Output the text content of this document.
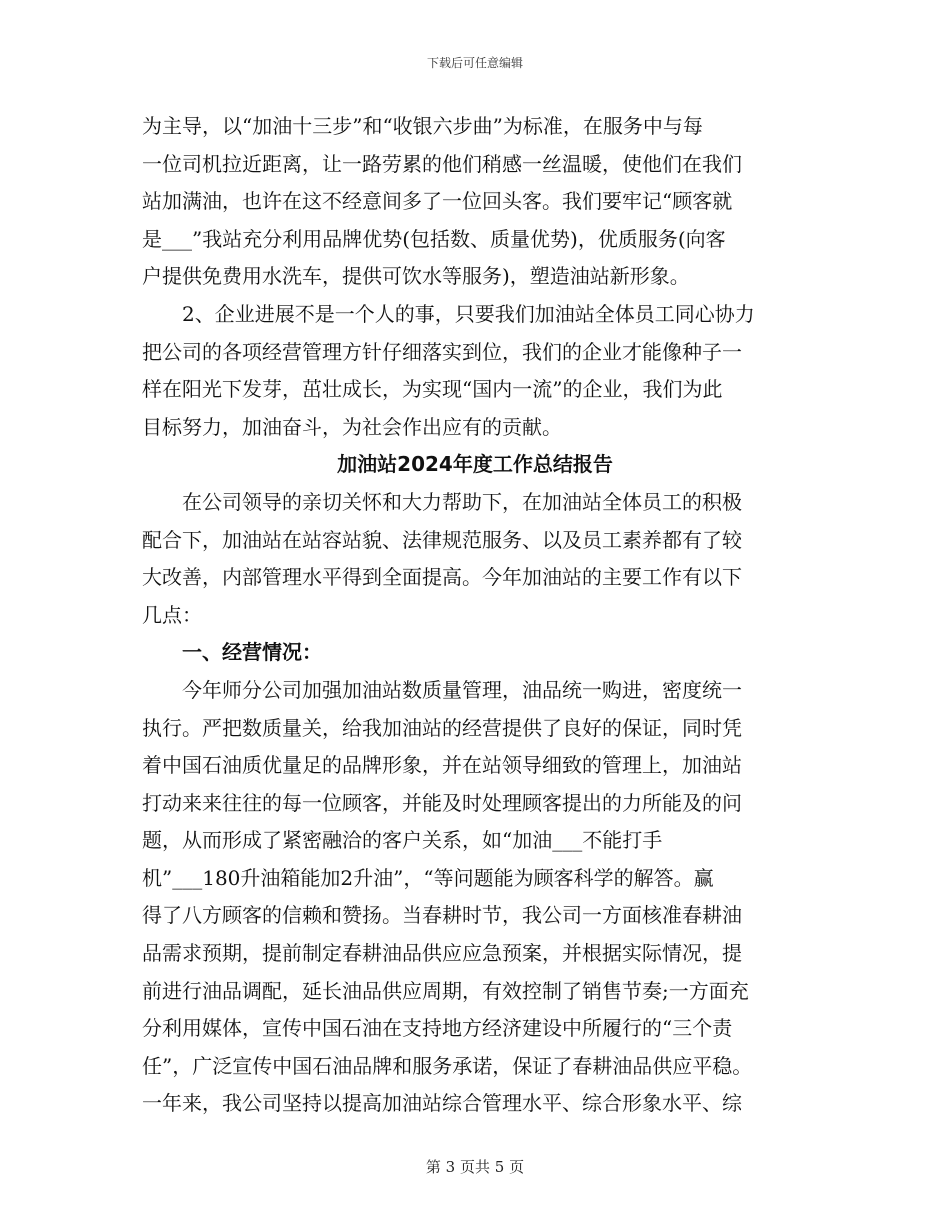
下载后可任意编辑
为主导，以“加油十三步”和“收银六步曲”为标准，在服务中与每
一位司机拉近距离，让一路劳累的他们稍感一丝温暖，使他们在我们
站加满油，也许在这不经意间多了一位回头客。我们要牢记“顾客就
是___”我站充分利用品牌优势(包括数、质量优势)，优质服务(向客
户提供免费用水洗车，提供可饮水等服务)，塑造油站新形象。
2、企业进展不是一个人的事，只要我们加油站全体员工同心协力
把公司的各项经营管理方针仔细落实到位，我们的企业才能像种子一
样在阳光下发芽，茁壮成长，为实现“国内一流”的企业，我们为此
目标努力，加油奋斗，为社会作出应有的贡献。
加油站2024年度工作总结报告
在公司领导的亲切关怀和大力帮助下，在加油站全体员工的积极
配合下，加油站在站容站貌、法律规范服务、以及员工素养都有了较
大改善，内部管理水平得到全面提高。今年加油站的主要工作有以下
几点：
一、经营情况：
今年师分公司加强加油站数质量管理，油品统一购进，密度统一
执行。严把数质量关，给我加油站的经营提供了良好的保证，同时凭
着中国石油质优量足的品牌形象，并在站领导细致的管理上，加油站
打动来来往往的每一位顾客，并能及时处理顾客提出的力所能及的问
题，从而形成了紧密融洽的客户关系，如“加油___不能打手
机”___180升油箱能加2升油”，“等问题能为顾客科学的解答。赢
得了八方顾客的信赖和赞扬。当春耕时节，我公司一方面核准春耕油
品需求预期，提前制定春耕油品供应应急预案，并根据实际情况，提
前进行油品调配，延长油品供应周期，有效控制了销售节奏;一方面充
分利用媒体，宣传中国石油在支持地方经济建设中所履行的“三个责
任”，广泛宣传中国石油品牌和服务承诺，保证了春耕油品供应平稳。
一年来，我公司坚持以提高加油站综合管理水平、综合形象水平、综
第 3 页共 5 页
